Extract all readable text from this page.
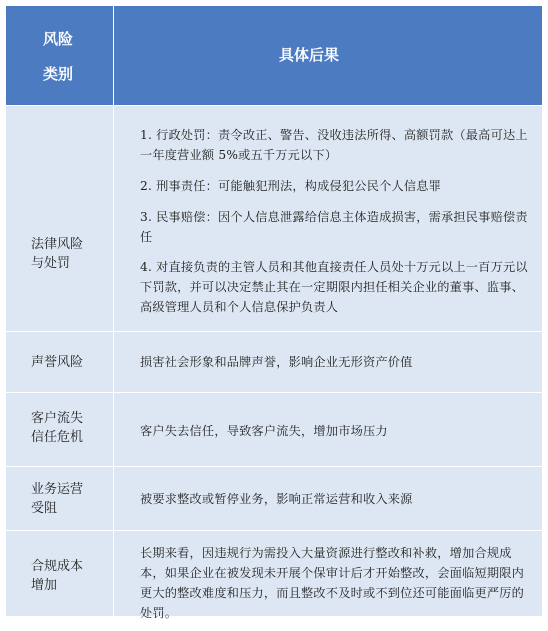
风险
类别
具体后果
法律风险
与处罚
1. 行政处罚：责令改正、警告、没收违法所得、高额罚款（最高可达上一年度营业额 5%或五千万元以下）
2. 刑事责任：可能触犯刑法，构成侵犯公民个人信息罪
3. 民事赔偿：因个人信息泄露给信息主体造成损害，需承担民事赔偿责任
4. 对直接负责的主管人员和其他直接责任人员处十万元以上一百万元以下罚款，并可以决定禁止其在一定期限内担任相关企业的董事、监事、高级管理人员和个人信息保护负责人
声誉风险	损害社会形象和品牌声誉，影响企业无形资产价值
客户流失
信任危机	客户失去信任，导致客户流失，增加市场压力
业务运营
受阻
被要求整改或暂停业务，影响正常运营和收入来源
合规成本
增加
长期来看，因违规行为需投入大量资源进行整改和补救，增加合规成本，如果企业在被发现未开展个保审计后才开始整改，会面临短期限内更大的整改难度和压力，而且整改不及时或不到位还可能面临更严厉的处罚。
